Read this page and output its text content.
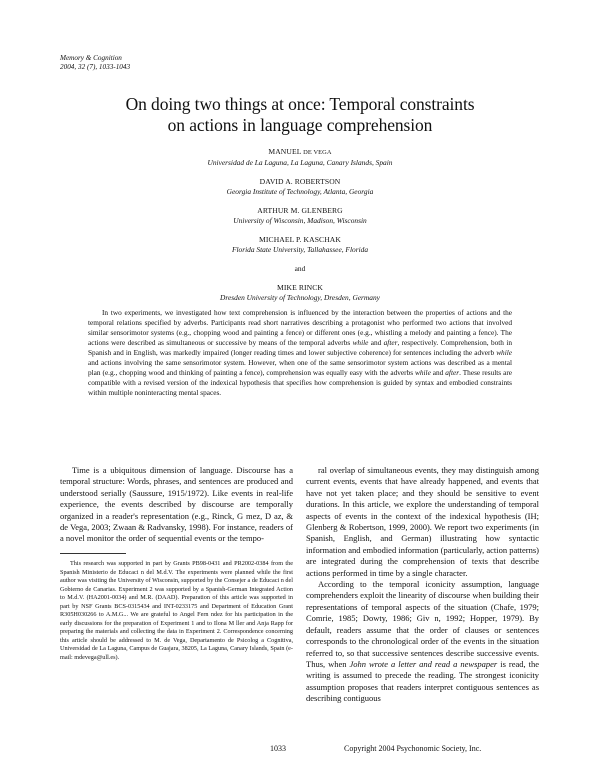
Memory & Cognition
2004, 32 (7), 1033-1043
On doing two things at once: Temporal constraints
on actions in language comprehension
MANUEL DE VEGA
Universidad de La Laguna, La Laguna, Canary Islands, Spain
DAVID A. ROBERTSON
Georgia Institute of Technology, Atlanta, Georgia
ARTHUR M. GLENBERG
University of Wisconsin, Madison, Wisconsin
MICHAEL P. KASCHAK
Florida State University, Tallahassee, Florida
and
MIKE RINCK
Dresden University of Technology, Dresden, Germany
In two experiments, we investigated how text comprehension is influenced by the interaction between the properties of actions and the temporal relations specified by adverbs. Participants read short narratives describing a protagonist who performed two actions that involved similar sensorimotor systems (e.g., chopping wood and painting a fence) or different ones (e.g., whistling a melody and painting a fence). The actions were described as simultaneous or successive by means of the temporal adverbs while and after, respectively. Comprehension, both in Spanish and in English, was markedly impaired (longer reading times and lower subjective coherence) for sentences including the adverb while and actions involving the same sensorimotor system. However, when one of the same sensorimotor system actions was described as a mental plan (e.g., chopping wood and thinking of painting a fence), comprehension was equally easy with the adverbs while and after. These results are compatible with a revised version of the indexical hypothesis that specifies how comprehension is guided by syntax and embodied constraints within multiple noninteracting mental spaces.

Time is a ubiquitous dimension of language. Discourse has a temporal structure: Words, phrases, and sentences are produced and understood serially (Saussure, 1915/1972). Like events in real-life experience, the events described by discourse are temporally organized in a reader's representation (e.g., Rinck, G mez, D az, & de Vega, 2003; Zwaan & Radvansky, 1998). For instance, readers of a novel monitor the order of sequential events or the tempo-

ral overlap of simultaneous events, they may distinguish among current events, events that have already happened, and events that have not yet taken place; and they should be sensitive to event durations. In this article, we explore the understanding of temporal aspects of events in the context of the indexical hypothesis (IH; Glenberg & Robertson, 1999, 2000). We report two experiments (in Spanish, English, and German) illustrating how syntactic information and embodied information (particularly, action patterns) are integrated during the comprehension of texts that describe actions performed in time by a single character.

According to the temporal iconicity assumption, language comprehenders exploit the linearity of discourse when building their representations of temporal aspects of the situation (Chafe, 1979; Comrie, 1985; Dowty, 1986; Giv n, 1992; Hopper, 1979). By default, readers assume that the order of clauses or sentences corresponds to the chronological order of the events in the situation referred to, so that successive sentences describe successive events. Thus, when John wrote a letter and read a newspaper is read, the writing is assumed to precede the reading. The strongest iconicity assumption proposes that readers interpret contiguous sentences as describing contiguous

This research was supported in part by Grants PB98-0431 and PR2002-0384 from the Spanish Ministerio de Educaci n del M.d.V. The experiments were planned while the first author was visiting the University of Wisconsin, supported by the Consejer a de Educaci n del Gobierno de Canarias. Experiment 2 was supported by a Spanish-German Integrated Action to M.d.V. (HA2001-0034) and M.R. (DAAD). Preparation of this article was supported in part by NSF Grants BCS-0315434 and INT-0233175 and Department of Education Grant R305H030266 to A.M.G... We are grateful to Angel Fern ndez for his participation in the early discussions for the preparation of Experiment 1 and to Ilona M ller and Anja Rapp for preparing the materials and collecting the data in Experiment 2. Correspondence concerning this article should be addressed to M. de Vega, Departamento de Psicolog a Cognitiva, Universidad de La Laguna, Campus de Guajara, 38205, La Laguna, Canary Islands, Spain (e-mail: mdevega@ull.es).
1033	Copyright 2004 Psychonomic Society, Inc.
